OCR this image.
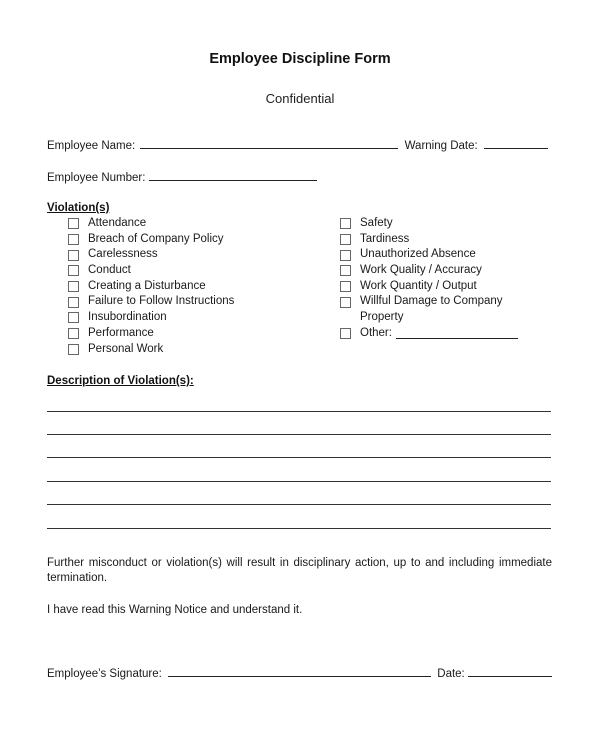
Employee Discipline Form
Confidential
Employee Name:	Warning Date:
Employee Number:
Violation(s)
Attendance
Breach of Company Policy
Carelessness
Conduct
Creating a Disturbance
Failure to Follow Instructions
Insubordination
Performance
Personal Work
Safety
Tardiness
Unauthorized Absence
Work Quality / Accuracy
Work Quantity / Output
Willful Damage to Company
Property
Other:
Description of Violation(s):
Further misconduct or violation(s) will result in disciplinary action, up to and including immediate termination.
I have read this Warning Notice and understand it.
Employee’s Signature:	Date:
